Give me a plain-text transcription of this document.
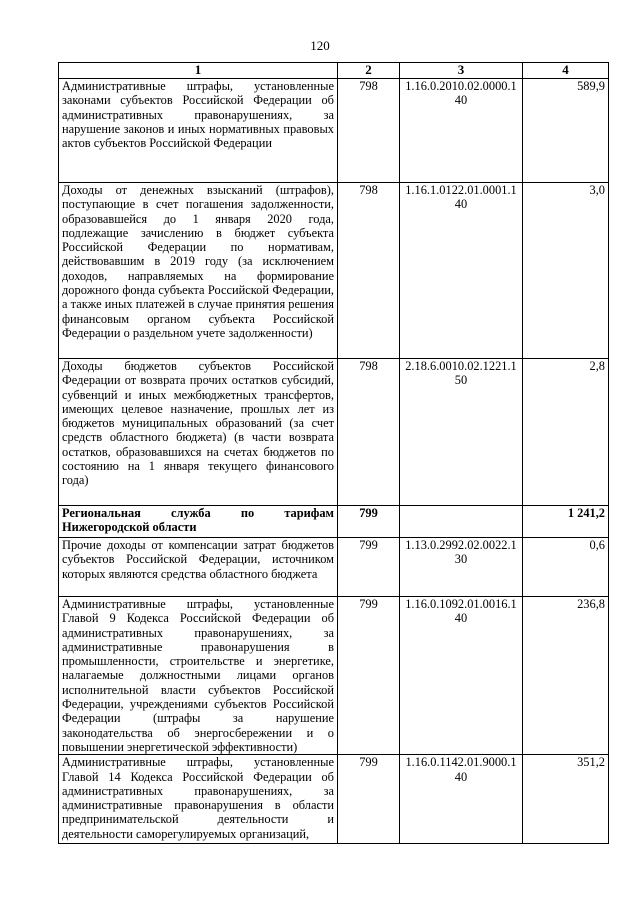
120
1	2	3	4
Административные штрафы, установленные законами субъектов Российской Федерации об административных правонарушениях, за нарушение законов и иных нормативных правовых актов субъектов Российской Федерации	798	1.16.0.2010.02.0000.140	589,9
Доходы от денежных взысканий (штрафов), поступающие в счет погашения задолженности, образовавшейся до 1 января 2020 года, подлежащие зачислению в бюджет субъекта Российской Федерации по нормативам, действовавшим в 2019 году (за исключением доходов, направляемых на формирование дорожного фонда субъекта Российской Федерации, а также иных платежей в случае принятия решения финансовым органом субъекта Российской Федерации о раздельном учете задолженности)	798	1.16.1.0122.01.0001.140	3,0
Доходы бюджетов субъектов Российской Федерации от возврата прочих остатков субсидий, субвенций и иных межбюджетных трансфертов, имеющих целевое назначение, прошлых лет из бюджетов муниципальных образований (за счет средств областного бюджета) (в части возврата остатков, образовавшихся на счетах бюджетов по состоянию на 1 января текущего финансового года)	798	2.18.6.0010.02.1221.150	2,8
Региональная служба по тарифам Нижегородской области	799		1 241,2
Прочие доходы от компенсации затрат бюджетов субъектов Российской Федерации, источником которых являются средства областного бюджета	799	1.13.0.2992.02.0022.130	0,6
Административные штрафы, установленные Главой 9 Кодекса Российской Федерации об административных правонарушениях, за административные правонарушения в промышленности, строительстве и энергетике, налагаемые должностными лицами органов исполнительной власти субъектов Российской Федерации, учреждениями субъектов Российской Федерации (штрафы за нарушение законодательства об энергосбережении и о повышении энергетической эффективности)	799	1.16.0.1092.01.0016.140	236,8
Административные штрафы, установленные Главой 14 Кодекса Российской Федерации об административных правонарушениях, за административные правонарушения в области предпринимательской деятельности и деятельности саморегулируемых организаций,	799	1.16.0.1142.01.9000.140	351,2
